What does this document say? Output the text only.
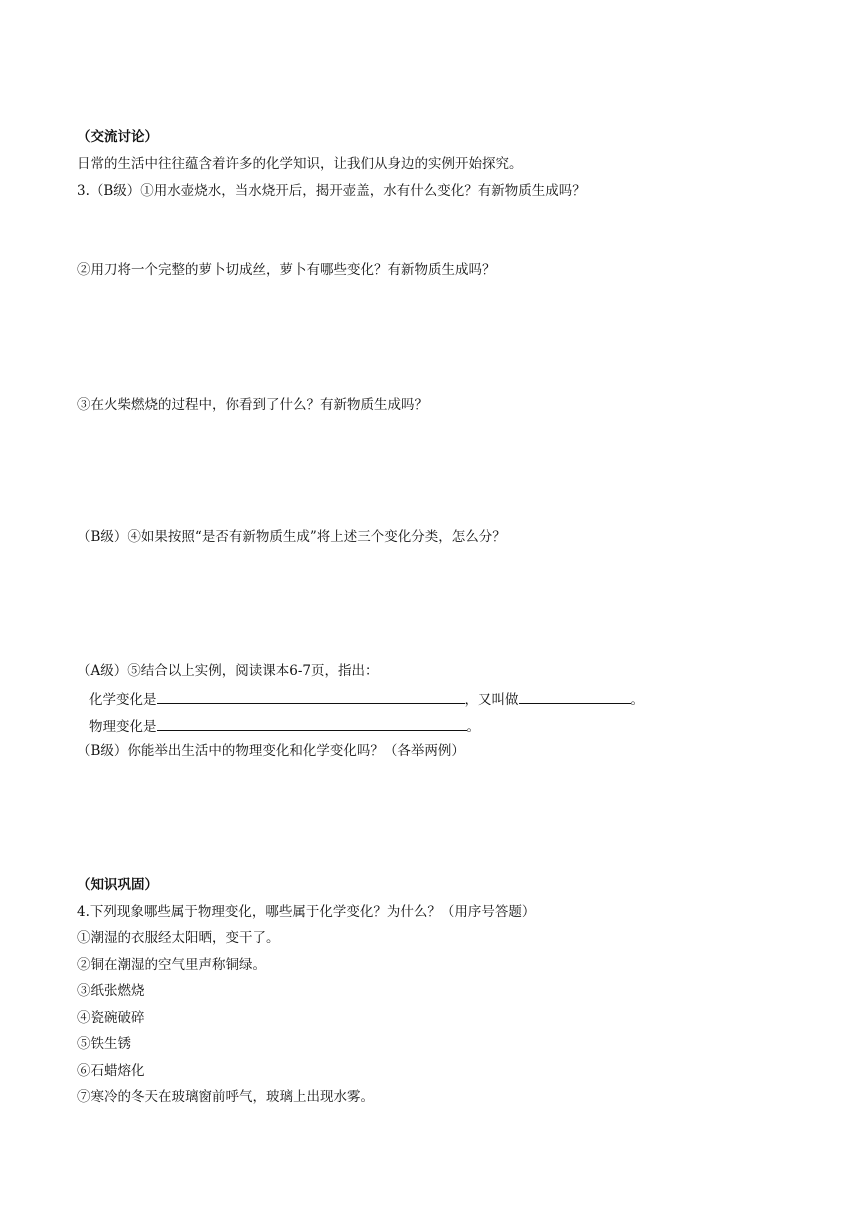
（交流讨论）
日常的生活中往往蕴含着许多的化学知识，让我们从身边的实例开始探究。
3.（B级）①用水壶烧水，当水烧开后，揭开壶盖，水有什么变化？有新物质生成吗？
②用刀将一个完整的萝卜切成丝，萝卜有哪些变化？有新物质生成吗？
③在火柴燃烧的过程中，你看到了什么？有新物质生成吗？
（B级）④如果按照“是否有新物质生成”将上述三个变化分类，怎么分？
（A级）⑤结合以上实例，阅读课本6-7页，指出：
化学变化是	，又叫做	。
物理变化是	。
（B级）你能举出生活中的物理变化和化学变化吗？（各举两例）
（知识巩固）
4.下列现象哪些属于物理变化，哪些属于化学变化？为什么？（用序号答题）
①潮湿的衣服经太阳晒，变干了。
②铜在潮湿的空气里声称铜绿。
③纸张燃烧
④瓷碗破碎
⑤铁生锈
⑥石蜡熔化
⑦寒冷的冬天在玻璃窗前呼气，玻璃上出现水雾。
